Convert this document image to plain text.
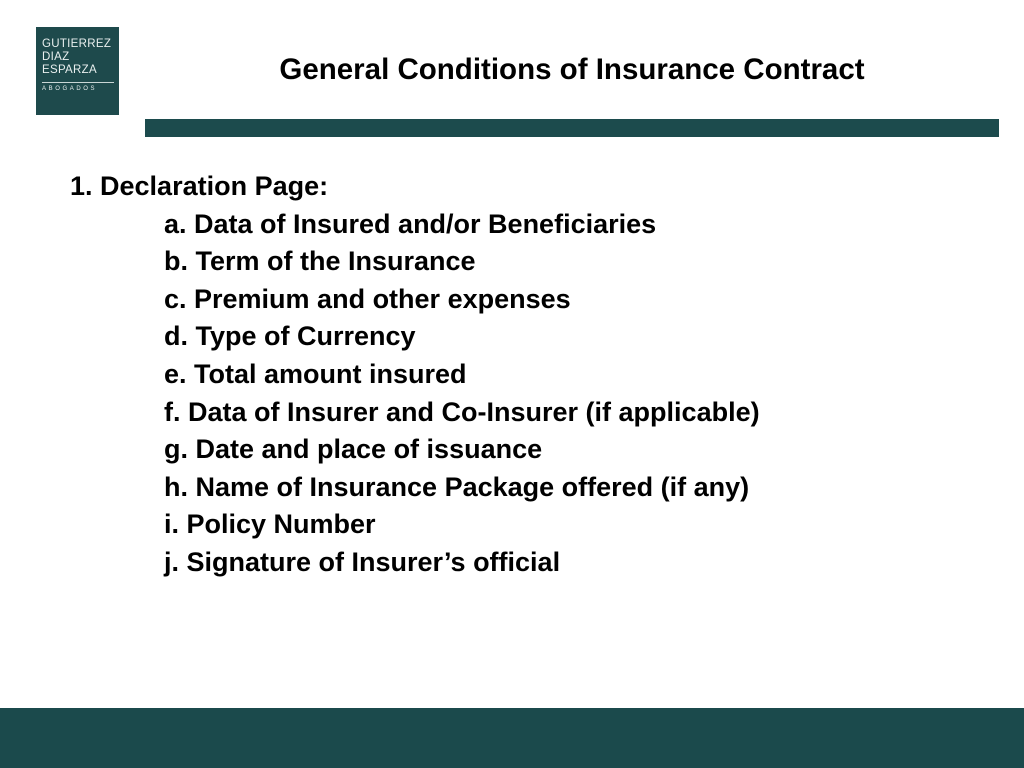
GUTIERREZ
DIAZ
ESPARZA
ABOGADOS
General Conditions of Insurance Contract
1. Declaration Page:
a. Data of Insured and/or Beneficiaries
b. Term of the Insurance
c. Premium and other expenses
d. Type of Currency
e. Total amount insured
f. Data of Insurer and Co-Insurer (if applicable)
g. Date and place of issuance
h. Name of Insurance Package offered (if any)
i. Policy Number
j. Signature of Insurer’s official
